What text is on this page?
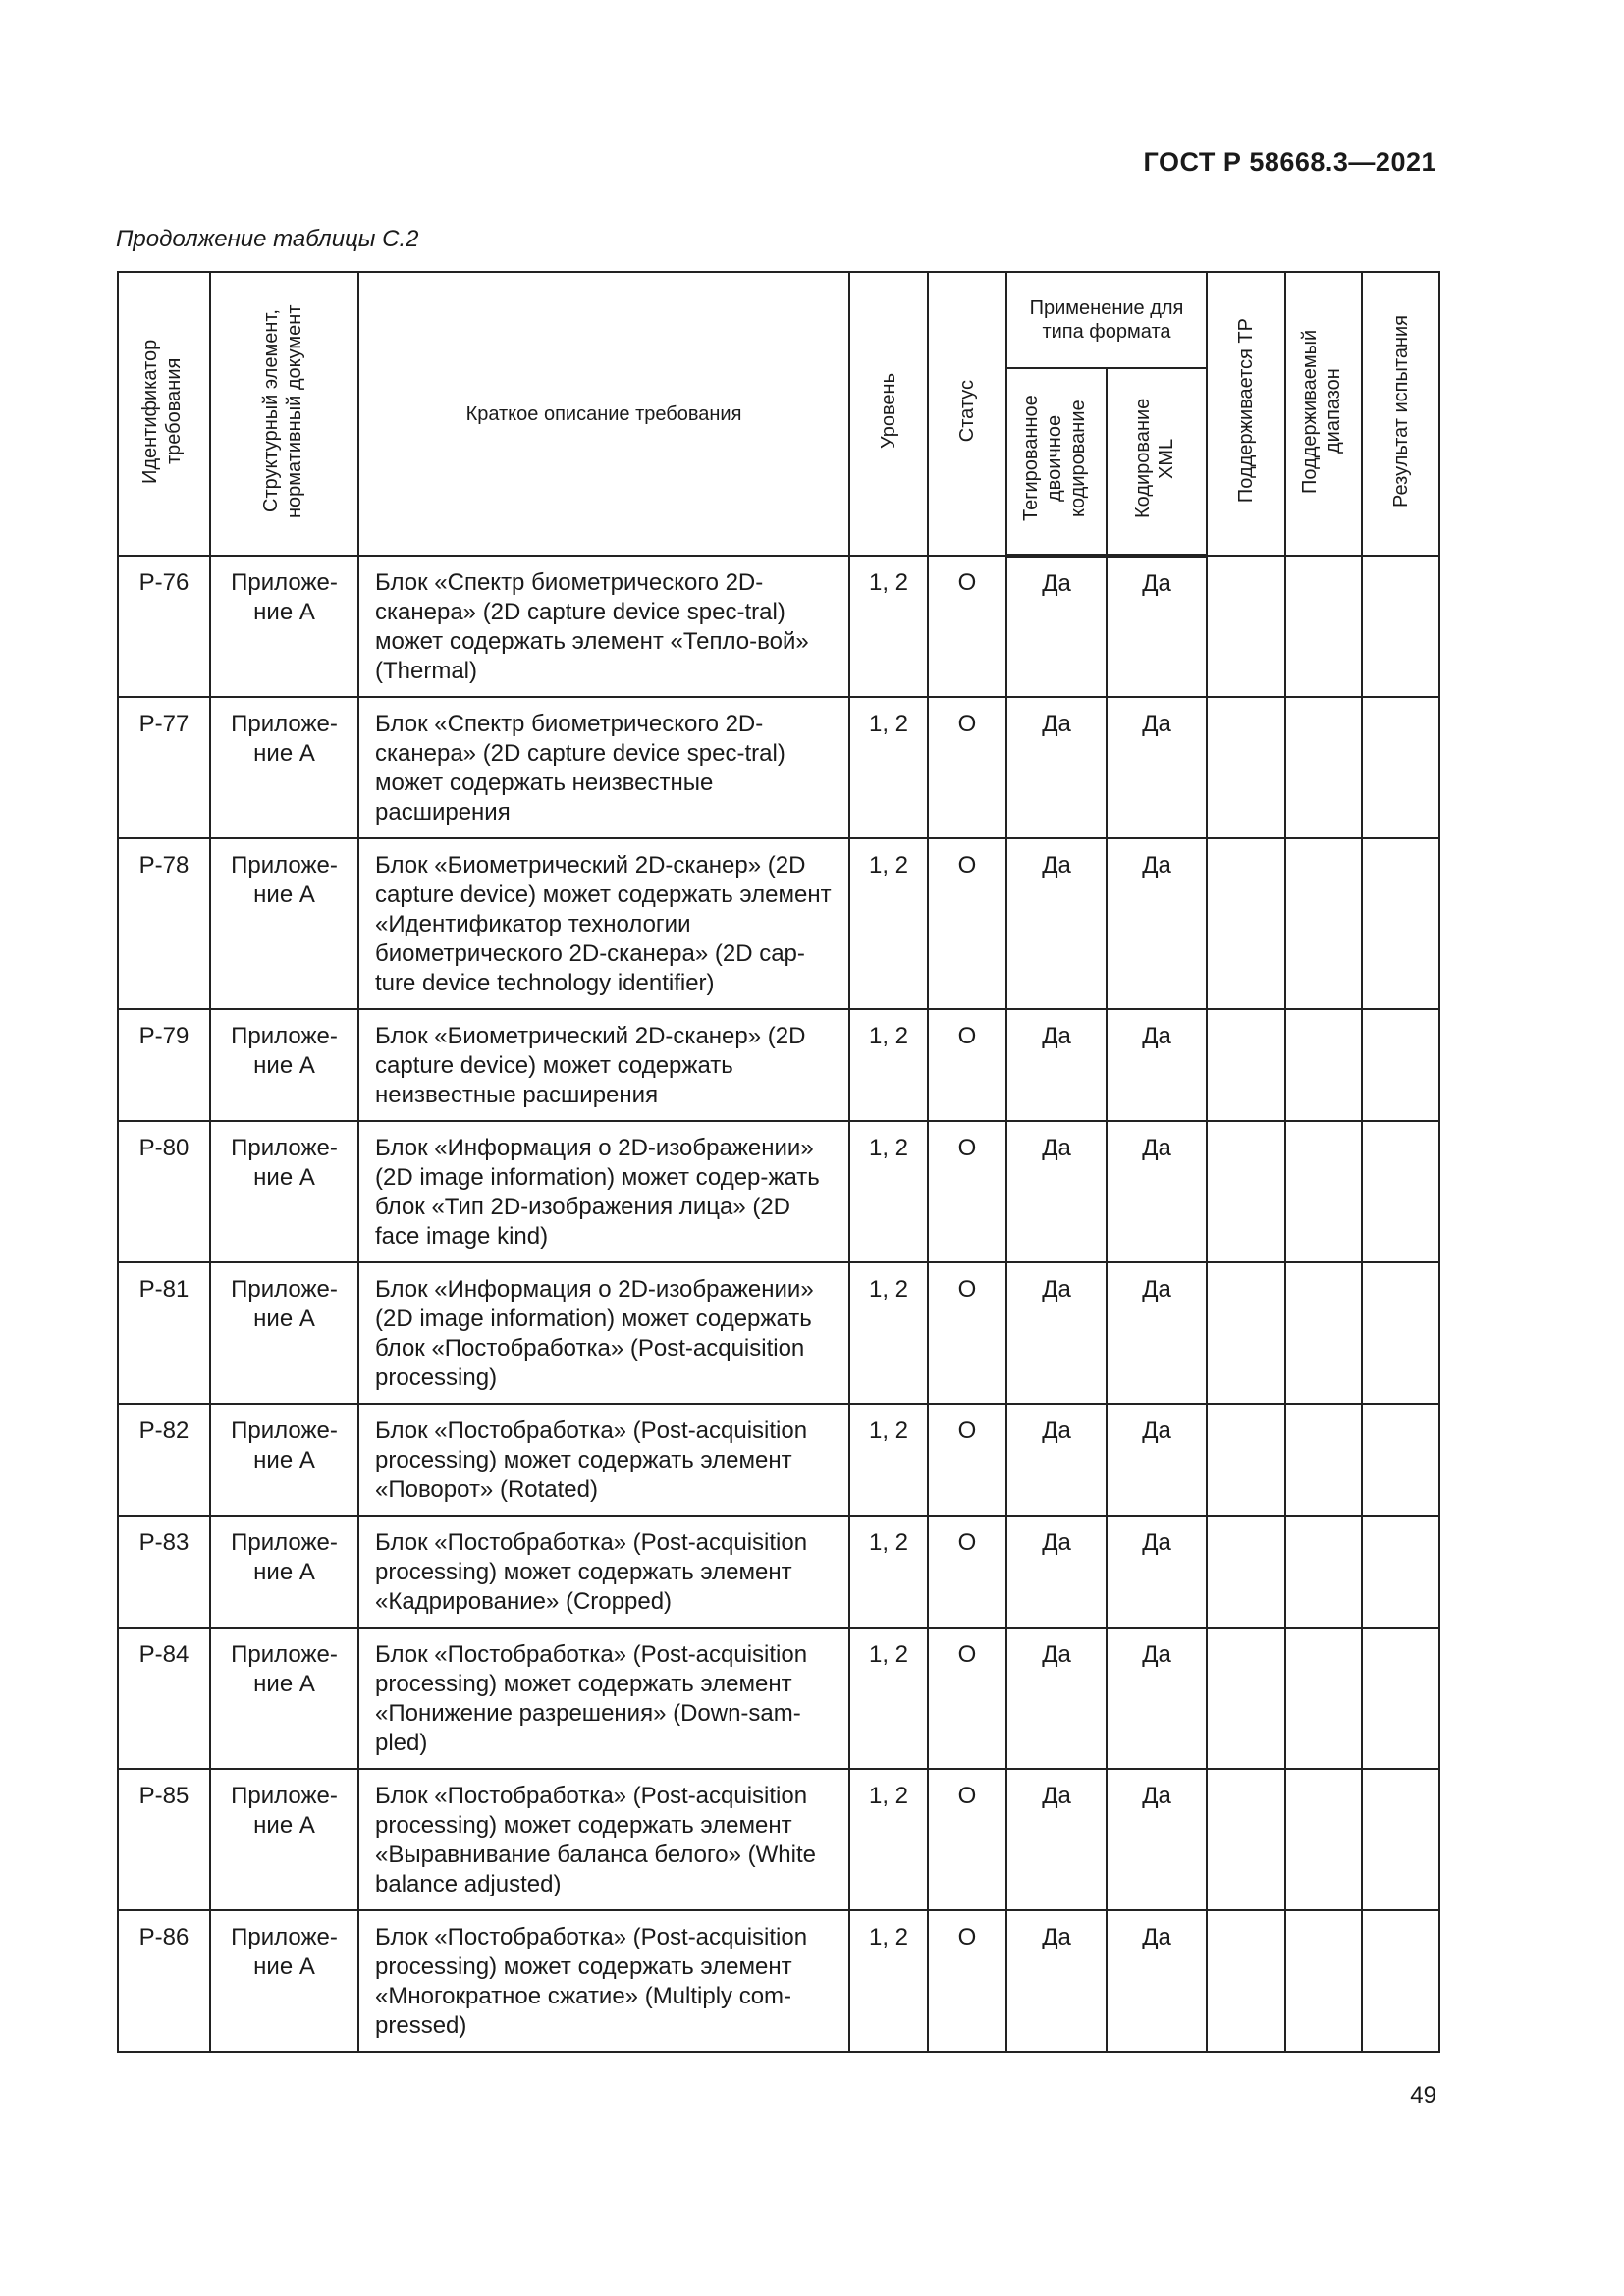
ГОСТ Р 58668.3—2021
Продолжение таблицы С.2
Идентификатор требования	Структурный элемент, нормативный документ	Краткое описание требования	Уровень	Статус	Применение для типа формата		Поддерживается ТР	Поддерживаемый диапазон	Результат испытания
					Тегированное двоичное кодирование	Кодирование XML			
Р-76	Приложе-ние А	Блок «Спектр биометрического 2D-сканера» (2D capture device spec-tral) может содержать элемент «Тепло-вой» (Thermal)	1, 2	О	Да	Да			
Р-77	Приложе-ние А	Блок «Спектр биометрического 2D-сканера» (2D capture device spec-tral) может содержать неизвестные расширения	1, 2	О	Да	Да			
Р-78	Приложе-ние А	Блок «Биометрический 2D-сканер» (2D capture device) может содержать элемент «Идентификатор технологии биометрического 2D-сканера» (2D cap-ture device technology identifier)	1, 2	О	Да	Да			
Р-79	Приложе-ние А	Блок «Биометрический 2D-сканер» (2D capture device) может содержать неизвестные расширения	1, 2	О	Да	Да			
Р-80	Приложе-ние А	Блок «Информация о 2D-изображении» (2D image information) может содер-жать блок «Тип 2D-изображения лица» (2D face image kind)	1, 2	О	Да	Да			
Р-81	Приложе-ние А	Блок «Информация о 2D-изображении» (2D image information) может содержать блок «Постобработка» (Post-acquisition processing)	1, 2	О	Да	Да			
Р-82	Приложе-ние А	Блок «Постобработка» (Post-acquisition processing) может содержать элемент «Поворот» (Rotated)	1, 2	О	Да	Да			
Р-83	Приложе-ние А	Блок «Постобработка» (Post-acquisition processing) может содержать элемент «Кадрирование» (Cropped)	1, 2	О	Да	Да			
Р-84	Приложе-ние А	Блок «Постобработка» (Post-acquisition processing) может содержать элемент «Понижение разрешения» (Down-sam-pled)	1, 2	О	Да	Да			
Р-85	Приложе-ние А	Блок «Постобработка» (Post-acquisition processing) может содержать элемент «Выравнивание баланса белого» (White balance adjusted)	1, 2	О	Да	Да			
Р-86	Приложе-ние А	Блок «Постобработка» (Post-acquisition processing) может содержать элемент «Многократное сжатие» (Multiply com-pressed)	1, 2	О	Да	Да			
49
